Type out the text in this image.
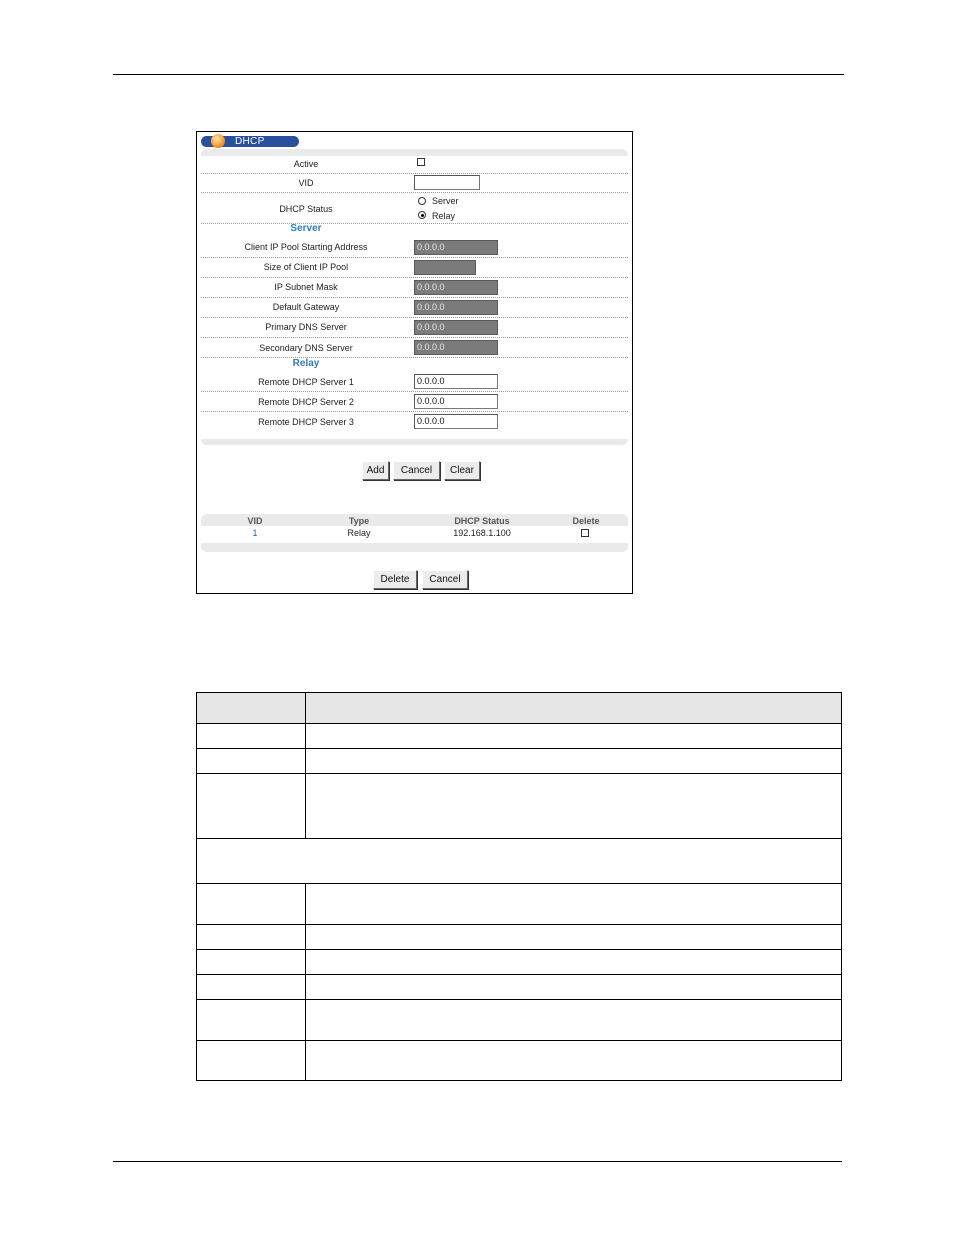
DHCP
Active
VID
DHCP Status
Server
Relay
Server
Client IP Pool Starting Address	0.0.0.0
Size of Client IP Pool
IP Subnet Mask	0.0.0.0
Default Gateway	0.0.0.0
Primary DNS Server	0.0.0.0
Secondary DNS Server	0.0.0.0
Relay
Remote DHCP Server 1	0.0.0.0
Remote DHCP Server 2	0.0.0.0
Remote DHCP Server 3	0.0.0.0
Add	Cancel	Clear
VID	Type	DHCP Status	Delete
1	Relay	192.168.1.100
Delete	Cancel
